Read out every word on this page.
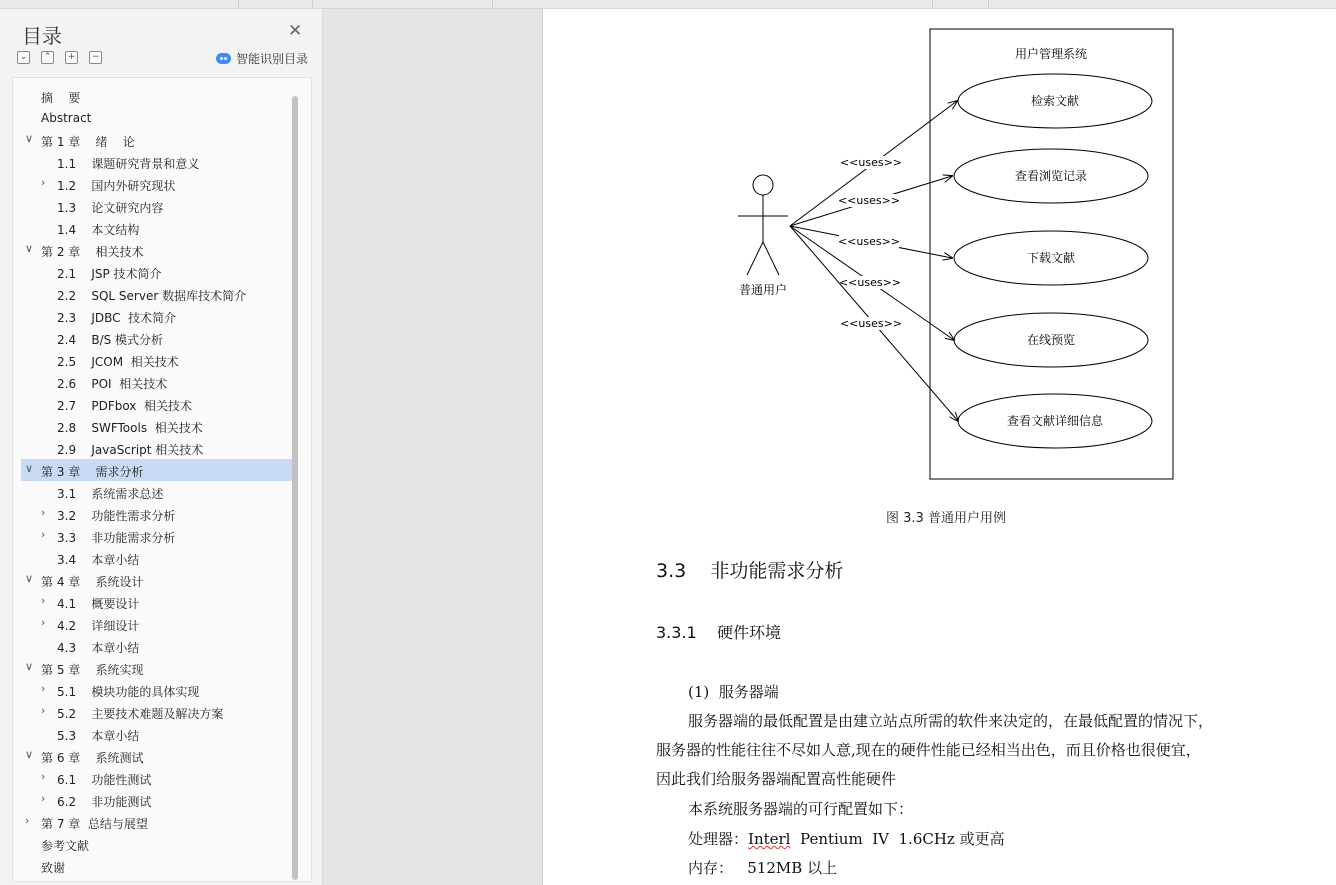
目录	✕
⌄	⌃	+	−	智能识别目录
摘    要
Abstract
∨ 第 1 章    绪    论
1.1    课题研究背景和意义
› 1.2    国内外研究现状
1.3    论文研究内容
1.4    本文结构
∨ 第 2 章    相关技术
2.1    JSP 技术简介
2.2    SQL Server 数据库技术简介
2.3    JDBC  技术简介
2.4    B/S 模式分析
2.5    JCOM  相关技术
2.6    POI  相关技术
2.7    PDFbox  相关技术
2.8    SWFTools  相关技术
2.9    JavaScript 相关技术
∨ 第 3 章    需求分析
3.1    系统需求总述
› 3.2    功能性需求分析
› 3.3    非功能需求分析
3.4    本章小结
∨ 第 4 章    系统设计
› 4.1    概要设计
› 4.2    详细设计
4.3    本章小结
∨ 第 5 章    系统实现
› 5.1    模块功能的具体实现
› 5.2    主要技术难题及解决方案
5.3    本章小结
∨ 第 6 章    系统测试
› 6.1    功能性测试
› 6.2    非功能测试
› 第 7 章  总结与展望
参考文献
致谢
用户管理系统
普通用户
检索文献
<<uses>>
查看浏览记录
<<uses>>
下载文献
<<uses>>
在线预览
<<uses>>
查看文献详细信息
<<uses>>
图 3.3 普通用户用例
3.3    非功能需求分析
3.3.1    硬件环境
(1)  服务器端
服务器端的最低配置是由建立站点所需的软件来决定的，在最低配置的情况下，
服务器的性能往往不尽如人意,现在的硬件性能已经相当出色，而且价格也很便宜，
因此我们给服务器端配置高性能硬件
本系统服务器端的可行配置如下：
处理器：Interl  Pentium  IV  1.6CHz 或更高
内存：   512MB 以上
